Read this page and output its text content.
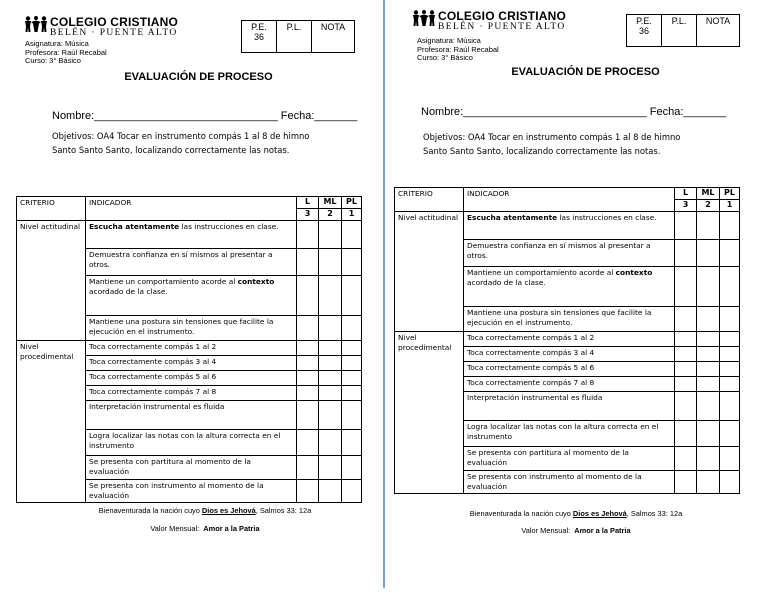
COLEGIO CRISTIANO
BELÉN · PUENTE ALTO
Asignatura: Música
Profesora: Raúl Recabal
Curso: 3° Básico
P.E.
36

P.L.	NOTA
EVALUACIÓN DE PROCESO
Nombre:______________________________ Fecha:_______
Objetivos: OA4 Tocar en instrumento compás 1 al 8 de himno
Santo Santo Santo, localizando correctamente las notas.
CRITERIO	INDICADOR	L	ML	PL
		3	2	1
Nivel actitudinal	Escucha atentamente las instrucciones en clase.			
	Demuestra confianza en sí mismos al presentar a otros.			
	Mantiene un comportamiento acorde al contexto acordado de la clase.			
	Mantiene una postura sin tensiones que facilite la ejecución en el instrumento.			
Nivel procedimental	Toca correctamente compás 1 al 2			
	Toca correctamente compás 3 al 4			
	Toca correctamente compás 5 al 6			
	Toca correctamente compás 7 al 8			
	Interpretación instrumental es fluida			
	Logra localizar las notas con la altura correcta en el instrumento			
	Se presenta con partitura al momento de la evaluación			
	Se presenta con instrumento al momento de la evaluación			
Bienaventurada la nación cuyo Dios es Jehová, Salmos 33: 12a
Valor Mensual: Amor a la Patria
COLEGIO CRISTIANO
BELÉN · PUENTE ALTO
Asignatura: Música
Profesora: Raúl Recabal
Curso: 3° Básico
P.E.
36

P.L.	NOTA
EVALUACIÓN DE PROCESO
Nombre:______________________________ Fecha:_______
Objetivos: OA4 Tocar en instrumento compás 1 al 8 de himno
Santo Santo Santo, localizando correctamente las notas.
CRITERIO	INDICADOR	L	ML	PL
		3	2	1
Nivel actitudinal	Escucha atentamente las instrucciones en clase.			
	Demuestra confianza en sí mismos al presentar a otros.			
	Mantiene un comportamiento acorde al contexto acordado de la clase.			
	Mantiene una postura sin tensiones que facilite la ejecución en el instrumento.			
Nivel procedimental	Toca correctamente compás 1 al 2			
	Toca correctamente compás 3 al 4			
	Toca correctamente compás 5 al 6			
	Toca correctamente compás 7 al 8			
	Interpretación instrumental es fluida			
	Logra localizar las notas con la altura correcta en el instrumento			
	Se presenta con partitura al momento de la evaluación			
	Se presenta con instrumento al momento de la evaluación			
Bienaventurada la nación cuyo Dios es Jehová, Salmos 33: 12a
Valor Mensual: Amor a la Patria
